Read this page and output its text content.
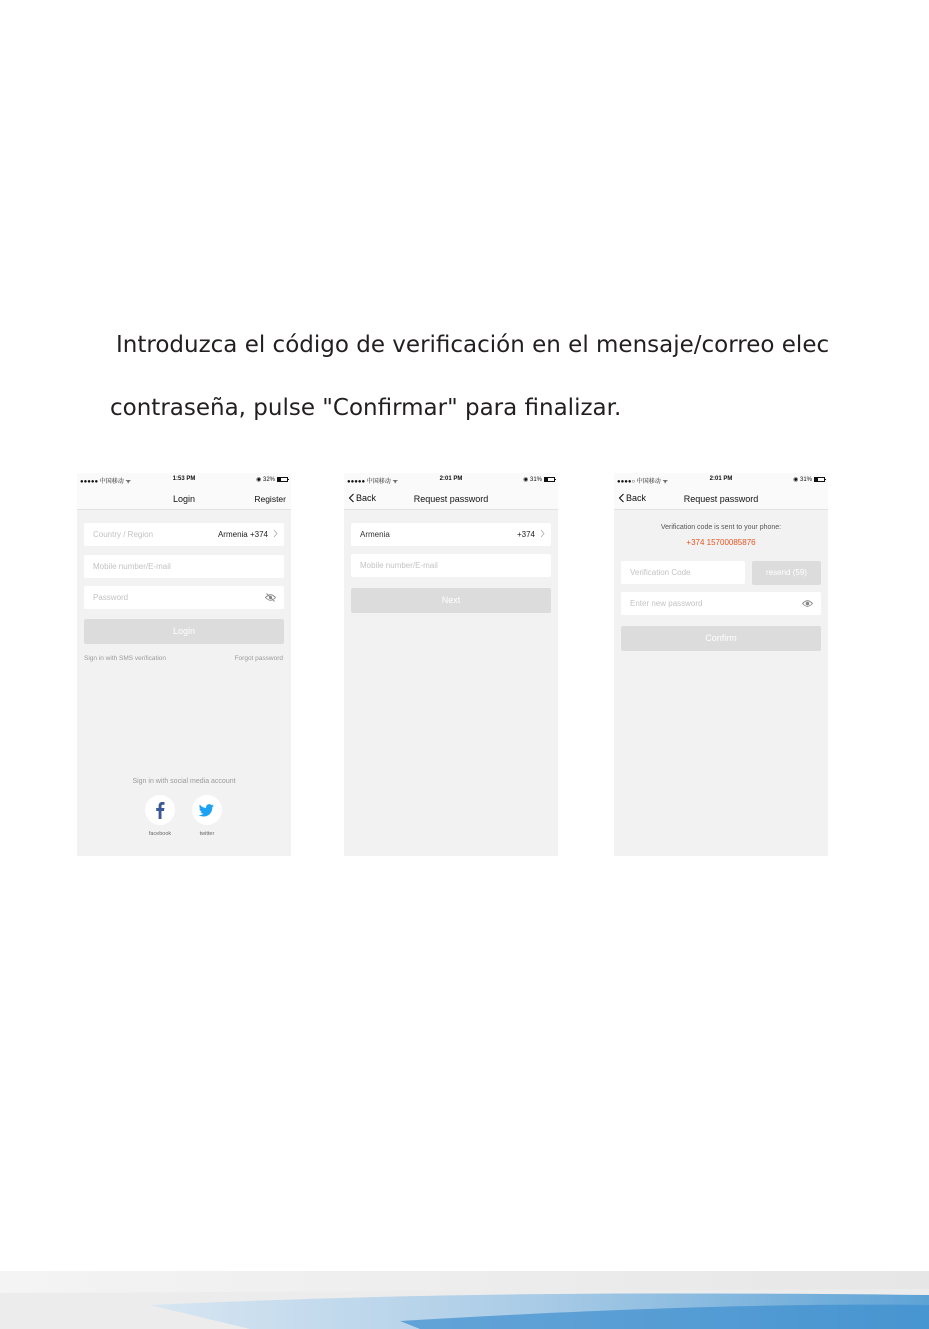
Introduzca el código de verificación en el mensaje/correo elec

contraseña, pulse "Confirmar" para finalizar.

●●●●● 中国移动 ᯤ	1:53 PM	◉ 32%
Login	Register
Country / Region	Armenia +374
Mobile number/E-mail
Password
Login
Sign in with SMS verification	Forgot password
Sign in with social media account
facebook	twitter
●●●●● 中国移动 ᯤ	2:01 PM	◉ 31%
Back	Request password
Armenia	+374
Mobile number/E-mail
Next
●●●●○ 中国移动 ᯤ	2:01 PM	◉ 31%
Back	Request password
Verification code is sent to your phone:
+374 15700085876
Verification Code	resend (59)
Enter new password
Confirm
